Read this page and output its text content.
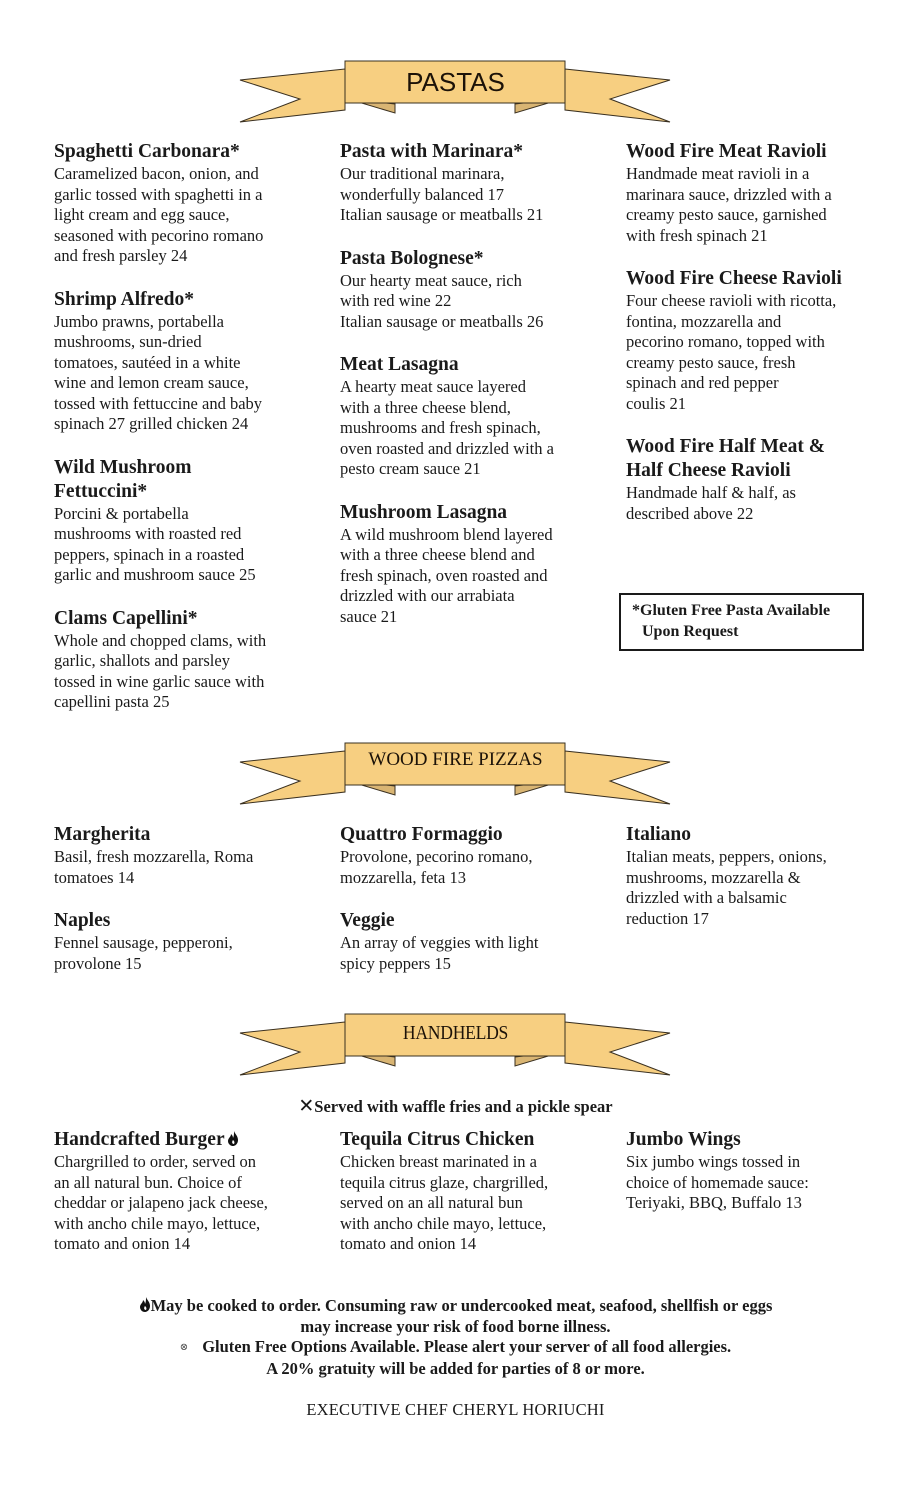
PASTAS

Spaghetti Carbonara*

Caramelized bacon, onion, and
garlic tossed with spaghetti in a
light cream and egg sauce,
seasoned with pecorino romano
and fresh parsley 24

Shrimp Alfredo*

Jumbo prawns, portabella
mushrooms, sun-dried
tomatoes, sautéed in a white
wine and lemon cream sauce,
tossed with fettuccine and baby
spinach 27 grilled chicken 24

Wild Mushroom
Fettuccini*

Porcini & portabella
mushrooms with roasted red
peppers, spinach in a roasted
garlic and mushroom sauce 25

Clams Capellini*

Whole and chopped clams, with
garlic, shallots and parsley
tossed in wine garlic sauce with
capellini pasta 25

Pasta with Marinara*

Our traditional marinara,
wonderfully balanced 17
Italian sausage or meatballs 21

Pasta Bolognese*

Our hearty meat sauce, rich
with red wine 22
Italian sausage or meatballs 26

Meat Lasagna

A hearty meat sauce layered
with a three cheese blend,
mushrooms and fresh spinach,
oven roasted and drizzled with a
pesto cream sauce 21

Mushroom Lasagna

A wild mushroom blend layered
with a three cheese blend and
fresh spinach, oven roasted and
drizzled with our arrabiata
sauce 21

Wood Fire Meat Ravioli

Handmade meat ravioli in a
marinara sauce, drizzled with a
creamy pesto sauce, garnished
with fresh spinach 21

Wood Fire Cheese Ravioli

Four cheese ravioli with ricotta,
fontina, mozzarella and
pecorino romano, topped with
creamy pesto sauce, fresh
spinach and red pepper
coulis 21

Wood Fire Half Meat &
Half Cheese Ravioli

Handmade half & half, as
described above 22

*Gluten Free Pasta Available
Upon Request
WOOD FIRE PIZZAS

Margherita

Basil, fresh mozzarella, Roma
tomatoes 14

Naples

Fennel sausage, pepperoni,
provolone 15

Quattro Formaggio

Provolone, pecorino romano,
mozzarella, feta 13

Veggie

An array of veggies with light
spicy peppers 15

Italiano

Italian meats, peppers, onions,
mushrooms, mozzarella &
drizzled with a balsamic
reduction 17

HANDHELDS
✕Served with waffle fries and a pickle spear

Handcrafted Burger

Chargrilled to order, served on
an all natural bun. Choice of
cheddar or jalapeno jack cheese,
with ancho chile mayo, lettuce,
tomato and onion 14

Tequila Citrus Chicken

Chicken breast marinated in a
tequila citrus glaze, chargrilled,
served on an all natural bun
with ancho chile mayo, lettuce,
tomato and onion 14

Jumbo Wings

Six jumbo wings tossed in
choice of homemade sauce:
Teriyaki, BBQ, Buffalo 13

May be cooked to order. Consuming raw or undercooked meat, seafood, shellfish or eggs
may increase your risk of food borne illness.
⊗ Gluten Free Options Available. Please alert your server of all food allergies.
A 20% gratuity will be added for parties of 8 or more.
EXECUTIVE CHEF CHERYL HORIUCHI
